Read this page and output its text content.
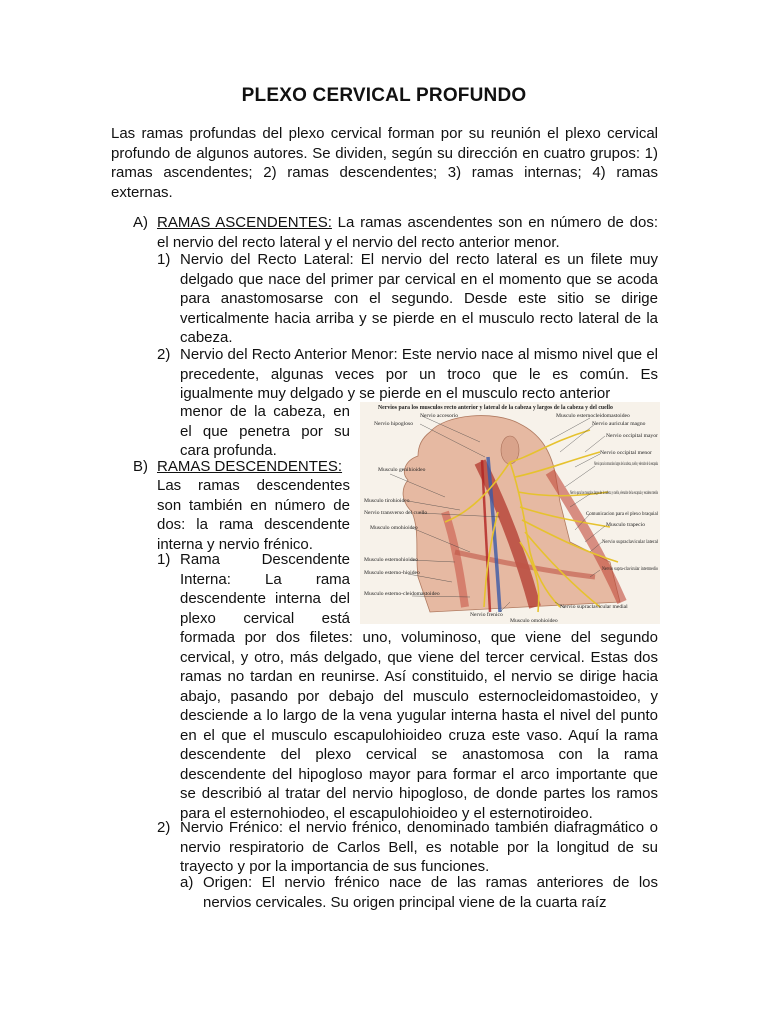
PLEXO CERVICAL PROFUNDO

Las ramas profundas del plexo cervical forman por su reunión el plexo cervical profundo de algunos autores. Se dividen, según su dirección en cuatro grupos: 1) ramas ascendentes; 2) ramas descendentes; 3) ramas internas; 4) ramas externas.

A) RAMAS ASCENDENTES: La ramas ascendentes son en número de dos: el nervio del recto lateral y el nervio del recto anterior menor.

1) Nervio del Recto Lateral: El nervio del recto lateral es un filete muy delgado que nace del primer par cervical en el momento que se acoda para anastomosarse con el segundo. Desde este sitio se dirige verticalmente hacia arriba y se pierde en el musculo recto lateral de la cabeza.

2) Nervio del Recto Anterior Menor: Este nervio nace al mismo nivel que el precedente, algunas veces por un troco que le es común. Es igualmente muy delgado y se pierde en el musculo recto anterior

menor de la cabeza, en el que penetra por su cara profunda.

B) RAMAS DESCENDENTES:

Las ramas descendentes son también en número de dos: la rama descendente interna y nervio frénico.

1) Rama Descendente Interna: La rama descendente interna del plexo cervical está

formada por dos filetes: uno, voluminoso, que viene del segundo cervical, y otro, más delgado, que viene del tercer cervical. Estas dos ramas no tardan en reunirse. Así constituido, el nervio se dirige hacia abajo, pasando por debajo del musculo esternocleidomastoideo, y desciende a lo largo de la vena yugular interna hasta el nivel del punto en el que el musculo escapulohioideo cruza este vaso. Aquí la rama descendente del plexo cervical se anastomosa con la rama descendente del hipogloso mayor para formar el arco importante que se describió al tratar del nervio hipogloso, de donde partes los ramos para el esternohiodeo, el escapulohioideo y el esternotiroideo.

2) Nervio Frénico: el nervio frénico, denominado también diafragmático o nervio respiratorio de Carlos Bell, es notable por la longitud de su trayecto y por la importancia de sus funciones.

a) Origen: El nervio frénico nace de las ramas anteriores de los nervios cervicales. Su origen principal viene de la cuarta raíz

Nervios para los musculos recto anterior y lateral de la cabeza y largos de la cabeza y del cuello
Nervio accesorio
Nervio hipogloso
Musculo genihioideo
Musculo tirohioideo
Nervio transverso del cuello
Musculo omohioideo
Musculo esternohioideo
Musculo esterno-hioideo
Musculo esterno-cleidomastoideo
Nervio frenico
Musculo omohioideo
Musculo esternocleidomastoideo
Nervio auricular magno
Nervio occipital mayor
Nervio occipital menor
Nervio para los musculos largos de la cabeza, cuello y elevador de la escapula
Nervio para los musculos largos de la cabeza y cuello, elevador de la escapula y escaleno medio
Comunicacion para el plexo braquial
Musculo trapecio
Nervio supraclavicular lateral
Nervio supra-clavicular intermedio
Nervio supraclavicular medial
